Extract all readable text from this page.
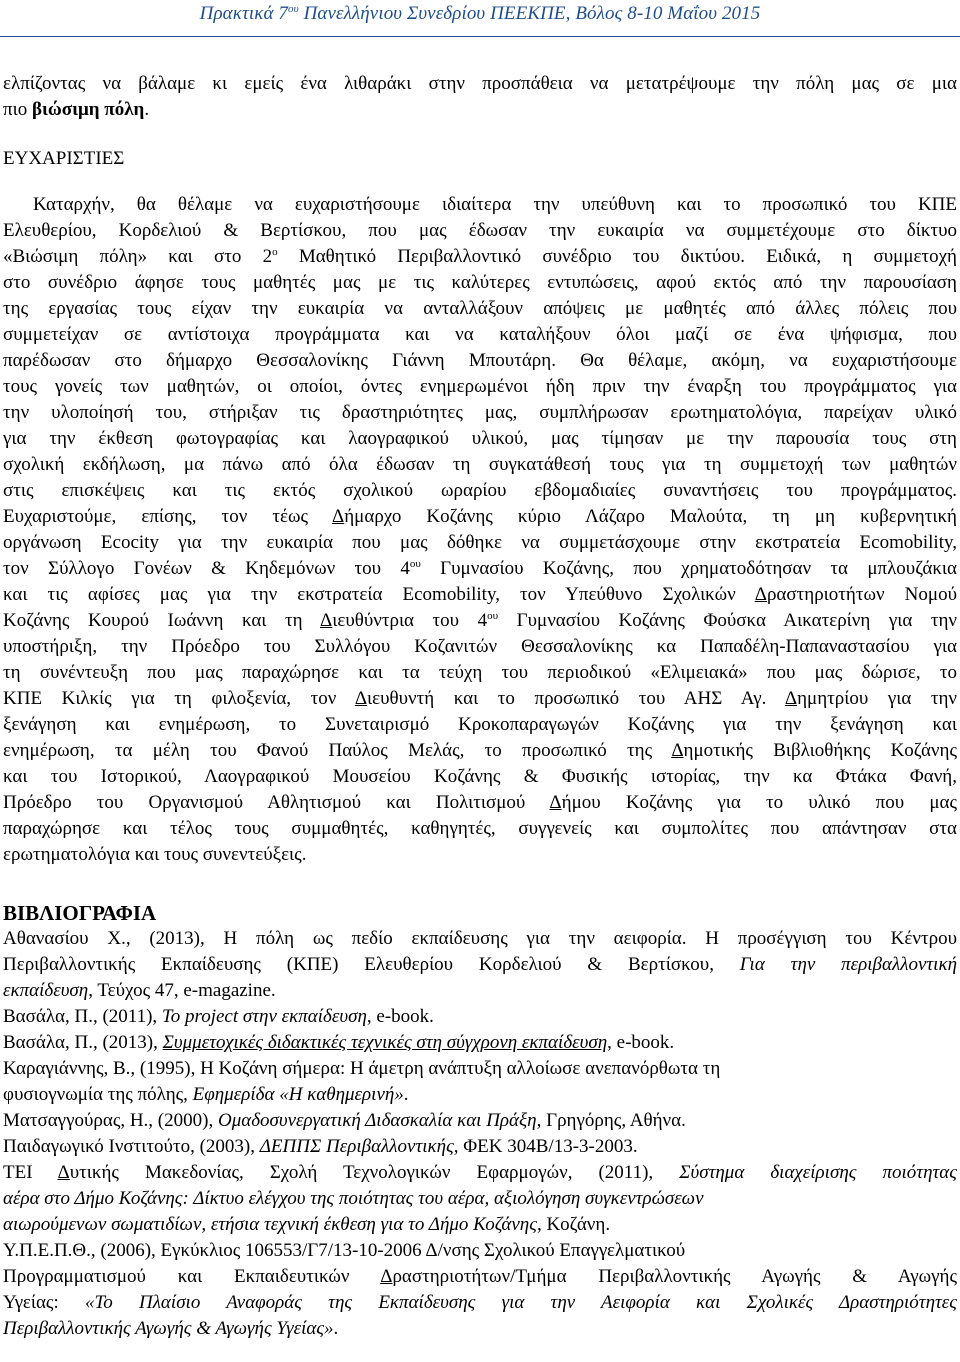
Πρακτικά $7^{o\upsilon}$ Πανελλήνιου Συνεδρίου ΠΕΕΚΠΕ, Βόλος 8-10 Μαΐου 2015

ελπίζοντας να βάλαμε κι εμείς ένα λιθαράκι στην προσπάθεια να μετατρέψουμε την πόλη μας σε μια

πιο βιώσιμη πόλη.

ΕΥΧΑΡΙΣΤΙΕΣ

Καταρχήν, θα θέλαμε να ευχαριστήσουμε ιδιαίτερα την υπεύθυνη και το προσωπικό του ΚΠΕ

Ελευθερίου, Κορδελιού & Βερτίσκου, που μας έδωσαν την ευκαιρία να συμμετέχουμε στο δίκτυο

«Βιώσιμη πόλη» και στο $2^o$ Μαθητικό Περιβαλλοντικό συνέδριο του δικτύου. Ειδικά, η συμμετοχή

στο συνέδριο άφησε τους μαθητές μας με τις καλύτερες εντυπώσεις, αφού εκτός από την παρουσίαση

της εργασίας τους είχαν την ευκαιρία να ανταλλάξουν απόψεις με μαθητές από άλλες πόλεις που

συμμετείχαν σε αντίστοιχα προγράμματα και να καταλήξουν όλοι μαζί σε ένα ψήφισμα, που

παρέδωσαν στο δήμαρχο Θεσσαλονίκης Γιάννη Μπουτάρη. Θα θέλαμε, ακόμη, να ευχαριστήσουμε

τους γονείς των μαθητών, οι οποίοι, όντες ενημερωμένοι ήδη πριν την έναρξη του προγράμματος για

την υλοποίησή του, στήριξαν τις δραστηριότητες μας, συμπλήρωσαν ερωτηματολόγια, παρείχαν υλικό

για την έκθεση φωτογραφίας και λαογραφικού υλικού, μας τίμησαν με την παρουσία τους στη

σχολική εκδήλωση, μα πάνω από όλα έδωσαν τη συγκατάθεσή τους για τη συμμετοχή των μαθητών

στις επισκέψεις και τις εκτός σχολικού ωραρίου εβδομαδιαίες συναντήσεις του προγράμματος.

Ευχαριστούμε, επίσης, τον τέως Δήμαρχο Κοζάνης κύριο Λάζαρο Μαλούτα, τη μη κυβερνητική

οργάνωση Ecocity για την ευκαιρία που μας δόθηκε να συμμετάσχουμε στην εκστρατεία Ecomobility,

τον Σύλλογο Γονέων & Κηδεμόνων του $4^{o\upsilon}$ Γυμνασίου Κοζάνης, που χρηματοδότησαν τα μπλουζάκια

και τις αφίσες μας για την εκστρατεία Ecomobility, τον Υπεύθυνο Σχολικών Δραστηριοτήτων Νομού

Κοζάνης Κουρού Ιωάννη και τη Διευθύντρια του $4^{o\upsilon}$ Γυμνασίου Κοζάνης Φούσκα Αικατερίνη για την

υποστήριξη, την Πρόεδρο του Συλλόγου Κοζανιτών Θεσσαλονίκης κα Παπαδέλη-Παπαναστασίου για

τη συνέντευξη που μας παραχώρησε και τα τεύχη του περιοδικού «Ελιμειακά» που μας δώρισε, το

ΚΠΕ Κιλκίς για τη φιλοξενία, τον Διευθυντή και το προσωπικό του ΑΗΣ Αγ. Δημητρίου για την

ξενάγηση και ενημέρωση, το Συνεταιρισμό Κροκοπαραγωγών Κοζάνης για την ξενάγηση και

ενημέρωση, τα μέλη του Φανού Παύλος Μελάς, το προσωπικό της Δημοτικής Βιβλιοθήκης Κοζάνης

και του Ιστορικού, Λαογραφικού Μουσείου Κοζάνης & Φυσικής ιστορίας, την κα Φτάκα Φανή,

Πρόεδρο του Οργανισμού Αθλητισμού και Πολιτισμού Δήμου Κοζάνης για το υλικό που μας

παραχώρησε και τέλος τους συμμαθητές, καθηγητές, συγγενείς και συμπολίτες που απάντησαν στα

ερωτηματολόγια και τους συνεντεύξεις.

ΒΙΒΛΙΟΓΡΑΦΙΑ

Αθανασίου Χ., (2013), Η πόλη ως πεδίο εκπαίδευσης για την αειφορία. Η προσέγγιση του Κέντρου

Περιβαλλοντικής Εκπαίδευσης (ΚΠΕ) Ελευθερίου Κορδελιού & Βερτίσκου, Για την περιβαλλοντική

εκπαίδευση, Τεύχος 47, e-magazine.

Βασάλα, Π., (2011), Το project στην εκπαίδευση, e-book.

Βασάλα, Π., (2013), Συμμετοχικές διδακτικές τεχνικές στη σύγχρονη εκπαίδευση, e-book.

Καραγιάννης, Β., (1995), Η Κοζάνη σήμερα: Η άμετρη ανάπτυξη αλλοίωσε ανεπανόρθωτα τη

φυσιογνωμία της πόλης, Εφημερίδα «Η καθημερινή».

Ματσαγγούρας, Η., (2000), Ομαδοσυνεργατική Διδασκαλία και Πράξη, Γρηγόρης, Αθήνα.

Παιδαγωγικό Ινστιτούτο, (2003), ΔΕΠΠΣ Περιβαλλοντικής, ΦΕΚ 304Β/13-3-2003.

ΤΕΙ Δυτικής Μακεδονίας, Σχολή Τεχνολογικών Εφαρμογών, (2011), Σύστημα διαχείρισης ποιότητας

αέρα στο Δήμο Κοζάνης: Δίκτυο ελέγχου της ποιότητας του αέρα, αξιολόγηση συγκεντρώσεων

αιωρούμενων σωματιδίων, ετήσια τεχνική έκθεση για το Δήμο Κοζάνης, Κοζάνη.

Υ.Π.Ε.Π.Θ., (2006), Εγκύκλιος 106553/Γ7/13-10-2006 Δ/νσης Σχολικού Επαγγελματικού

Προγραμματισμού και Εκπαιδευτικών Δραστηριοτήτων/Τμήμα Περιβαλλοντικής Αγωγής & Αγωγής

Υγείας: «Το Πλαίσιο Αναφοράς της Εκπαίδευσης για την Αειφορία και Σχολικές Δραστηριότητες

Περιβαλλοντικής Αγωγής & Αγωγής Υγείας».
